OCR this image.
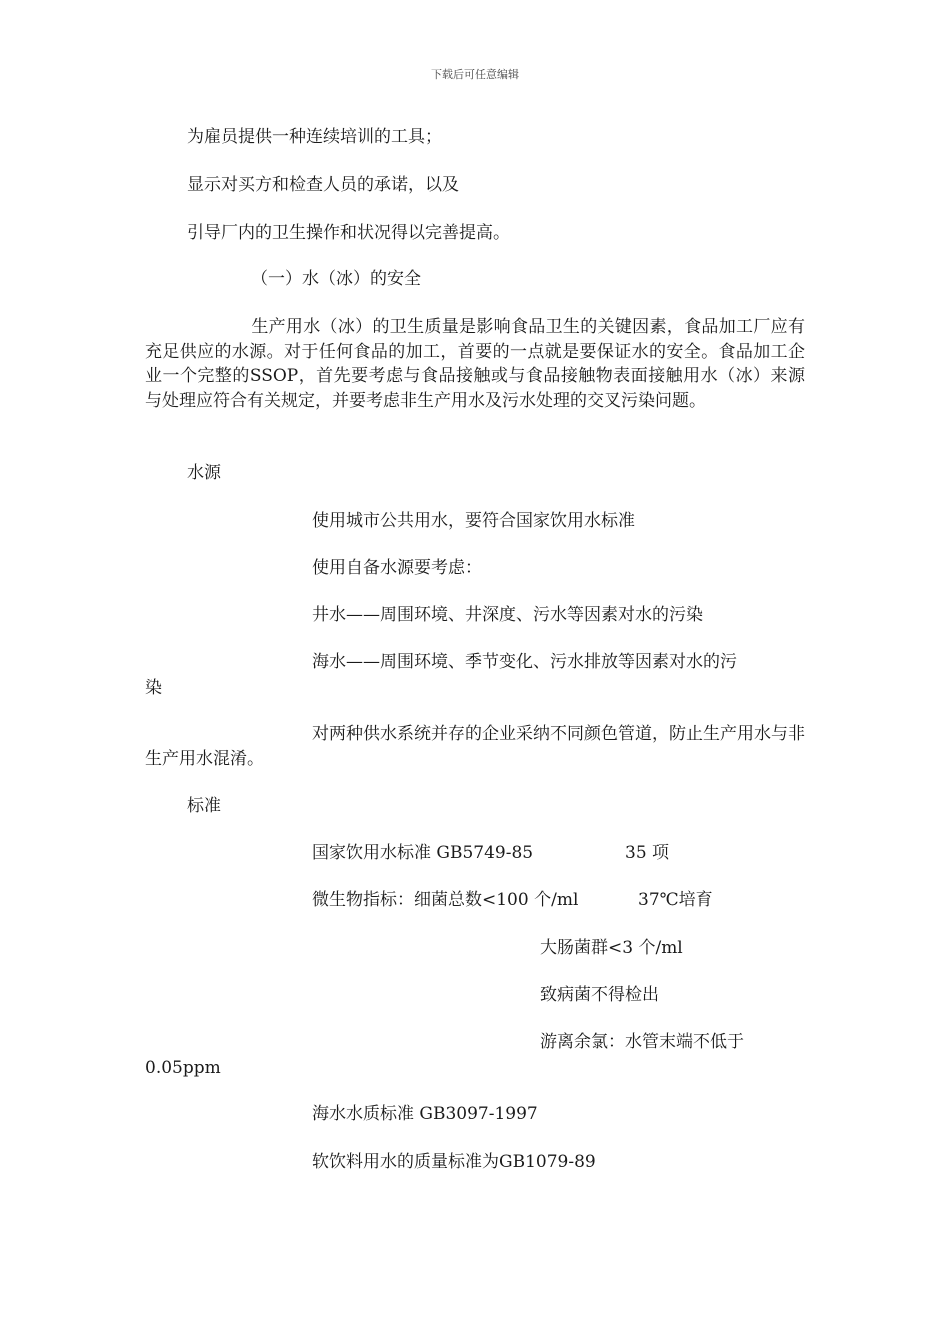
下载后可任意编辑
为雇员提供一种连续培训的工具；
显示对买方和检查人员的承诺，以及
引导厂内的卫生操作和状况得以完善提高。
（一）水（冰）的安全
生产用水（冰）的卫生质量是影响食品卫生的关键因素，食品加工厂应有充足供应的水源。对于任何食品的加工，首要的一点就是要保证水的安全。食品加工企业一个完整的SSOP，首先要考虑与食品接触或与食品接触物表面接触用水（冰）来源与处理应符合有关规定，并要考虑非生产用水及污水处理的交叉污染问题。
水源
使用城市公共用水，要符合国家饮用水标准
使用自备水源要考虑：
井水——周围环境、井深度、污水等因素对水的污染
海水——周围环境、季节变化、污水排放等因素对水的污
染
对两种供水系统并存的企业采纳不同颜色管道，防止生产用水与非生产用水混淆。
标准
国家饮用水标准 GB5749-85	35 项
微生物指标：细菌总数<100 个/ml	37℃培育
大肠菌群<3 个/ml
致病菌不得检出
游离余氯：水管末端不低于
0.05ppm
海水水质标准 GB3097-1997
软饮料用水的质量标准为GB1079-89
